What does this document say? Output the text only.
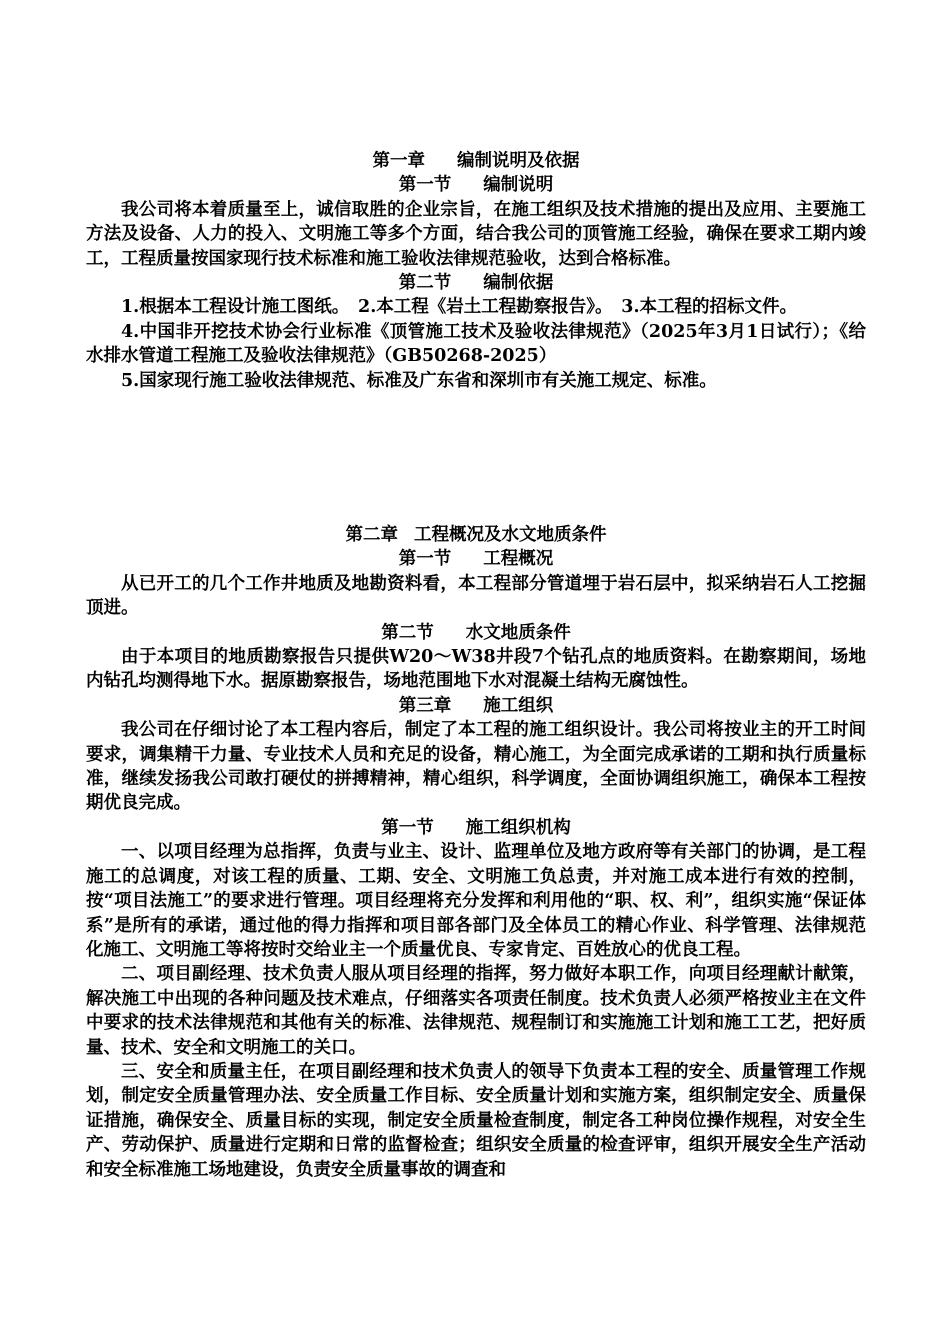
第一章 编制说明及依据
第一节 编制说明

我公司将本着质量至上，诚信取胜的企业宗旨，在施工组织及技术措施的提出及应用、主要施工方法及设备、人力的投入、文明施工等多个方面，结合我公司的顶管施工经验，确保在要求工期内竣工，工程质量按国家现行技术标准和施工验收法律规范验收，达到合格标准。

第二节 编制依据

1.根据本工程设计施工图纸。　2.本工程《岩土工程勘察报告》。　3.本工程的招标文件。

4.中国非开挖技术协会行业标准《顶管施工技术及验收法律规范》（2025年3月1日试行）；《给水排水管道工程施工及验收法律规范》（GB50268-2025）

5.国家现行施工验收法律规范、标准及广东省和深圳市有关施工规定、标准。

第二章 工程概况及水文地质条件
第一节 工程概况

从已开工的几个工作井地质及地勘资料看，本工程部分管道埋于岩石层中，拟采纳岩石人工挖掘顶进。

第二节 水文地质条件

由于本项目的地质勘察报告只提供W20～W38井段7个钻孔点的地质资料。在勘察期间，场地内钻孔均测得地下水。据原勘察报告，场地范围地下水对混凝土结构无腐蚀性。

第三章 施工组织

我公司在仔细讨论了本工程内容后，制定了本工程的施工组织设计。我公司将按业主的开工时间要求，调集精干力量、专业技术人员和充足的设备，精心施工，为全面完成承诺的工期和执行质量标准，继续发扬我公司敢打硬仗的拼搏精神，精心组织，科学调度，全面协调组织施工，确保本工程按期优良完成。

第一节 施工组织机构

一、以项目经理为总指挥，负责与业主、设计、监理单位及地方政府等有关部门的协调，是工程施工的总调度，对该工程的质量、工期、安全、文明施工负总责，并对施工成本进行有效的控制，按“项目法施工”的要求进行管理。项目经理将充分发挥和利用他的“职、权、利”，组织实施“保证体系”是所有的承诺，通过他的得力指挥和项目部各部门及全体员工的精心作业、科学管理、法律规范化施工、文明施工等将按时交给业主一个质量优良、专家肯定、百姓放心的优良工程。

二、项目副经理、技术负责人服从项目经理的指挥，努力做好本职工作，向项目经理献计献策，解决施工中出现的各种问题及技术难点，仔细落实各项责任制度。技术负责人必须严格按业主在文件中要求的技术法律规范和其他有关的标准、法律规范、规程制订和实施施工计划和施工工艺，把好质量、技术、安全和文明施工的关口。

三、安全和质量主任，在项目副经理和技术负责人的领导下负责本工程的安全、质量管理工作规划，制定安全质量管理办法、安全质量工作目标、安全质量计划和实施方案，组织制定安全、质量保证措施，确保安全、质量目标的实现，制定安全质量检查制度，制定各工种岗位操作规程，对安全生产、劳动保护、质量进行定期和日常的监督检查；组织安全质量的检查评审，组织开展安全生产活动和安全标准施工场地建设，负责安全质量事故的调查和
